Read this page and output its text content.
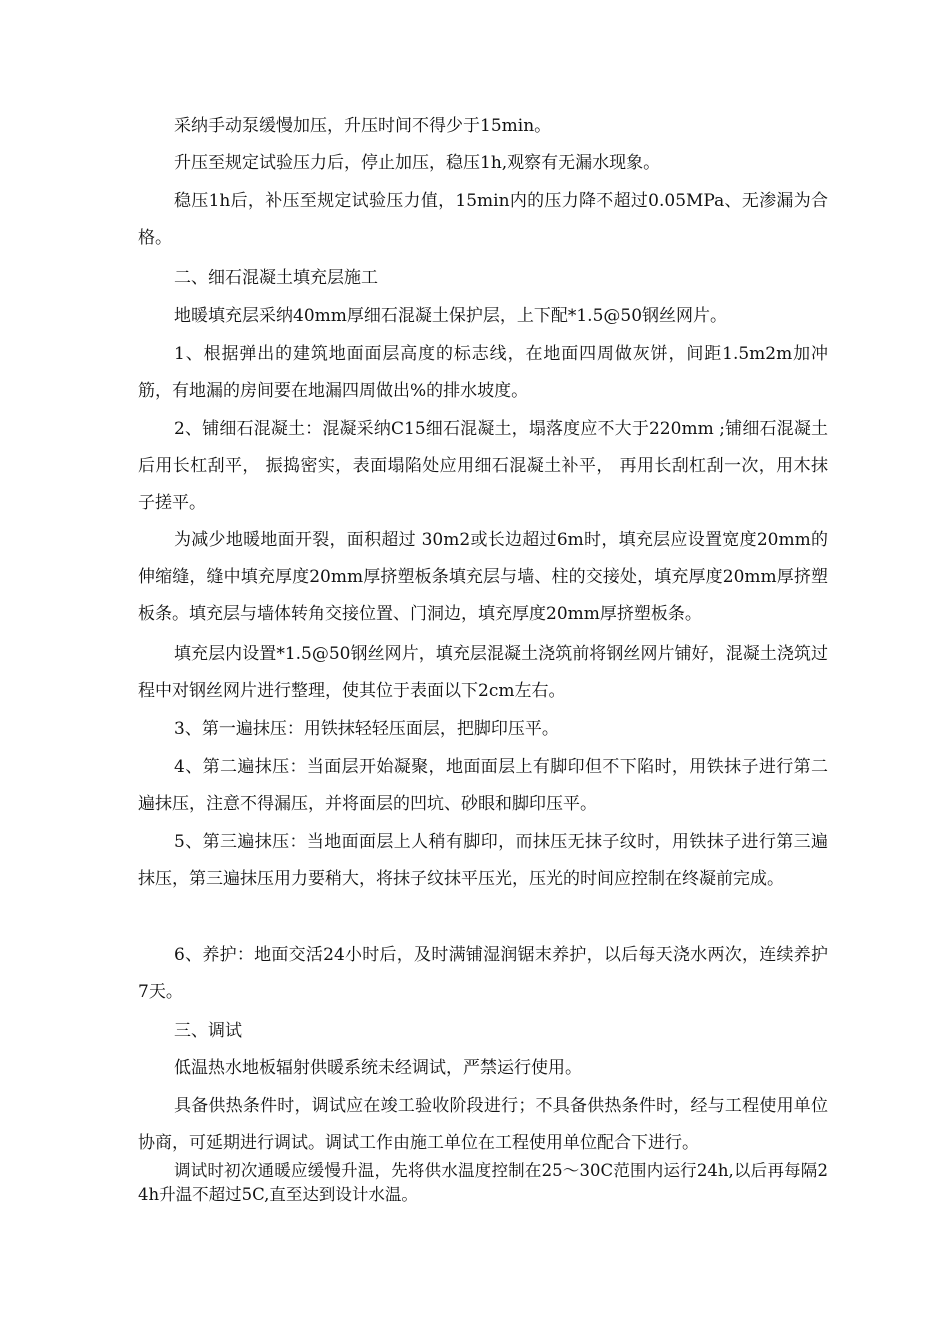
采纳手动泵缓慢加压，升压时间不得少于15min。

升压至规定试验压力后，停止加压，稳压1h,观察有无漏水现象。

稳压1h后，补压至规定试验压力值，15min内的压力降不超过0.05MPa、无渗漏为合格。

二、细石混凝土填充层施工

地暖填充层采纳40mm厚细石混凝土保护层，上下配*1.5@50钢丝网片。

1、根据弹出的建筑地面面层高度的标志线，在地面四周做灰饼，间距1.5m2m加冲筋，有地漏的房间要在地漏四周做出%的排水坡度。

2、铺细石混凝土：混凝采纳C15细石混凝土，塌落度应不大于220mm ;铺细石混凝土后用长杠刮平， 振捣密实，表面塌陷处应用细石混凝土补平， 再用长刮杠刮一次，用木抹子搓平。

为减少地暖地面开裂，面积超过 30m2或长边超过6m时，填充层应设置宽度20mm的伸缩缝，缝中填充厚度20mm厚挤塑板条填充层与墙、柱的交接处，填充厚度20mm厚挤塑板条。填充层与墙体转角交接位置、门洞边，填充厚度20mm厚挤塑板条。

填充层内设置*1.5@50钢丝网片，填充层混凝土浇筑前将钢丝网片铺好，混凝土浇筑过程中对钢丝网片进行整理，使其位于表面以下2cm左右。

3、第一遍抹压：用铁抹轻轻压面层，把脚印压平。

4、第二遍抹压：当面层开始凝聚，地面面层上有脚印但不下陷时，用铁抹子进行第二遍抹压，注意不得漏压，并将面层的凹坑、砂眼和脚印压平。

5、第三遍抹压：当地面面层上人稍有脚印，而抹压无抹子纹时，用铁抹子进行第三遍抹压，第三遍抹压用力要稍大，将抹子纹抹平压光，压光的时间应控制在终凝前完成。

6、养护：地面交活24小时后，及时满铺湿润锯末养护，以后每天浇水两次，连续养护7天。

三、调试

低温热水地板辐射供暖系统未经调试，严禁运行使用。

具备供热条件时，调试应在竣工验收阶段进行；不具备供热条件时，经与工程使用单位协商，可延期进行调试。调试工作由施工单位在工程使用单位配合下进行。

调试时初次通暖应缓慢升温，先将供水温度控制在25〜30C范围内运行24h,以后再每隔24h升温不超过5C,直至达到设计水温。
